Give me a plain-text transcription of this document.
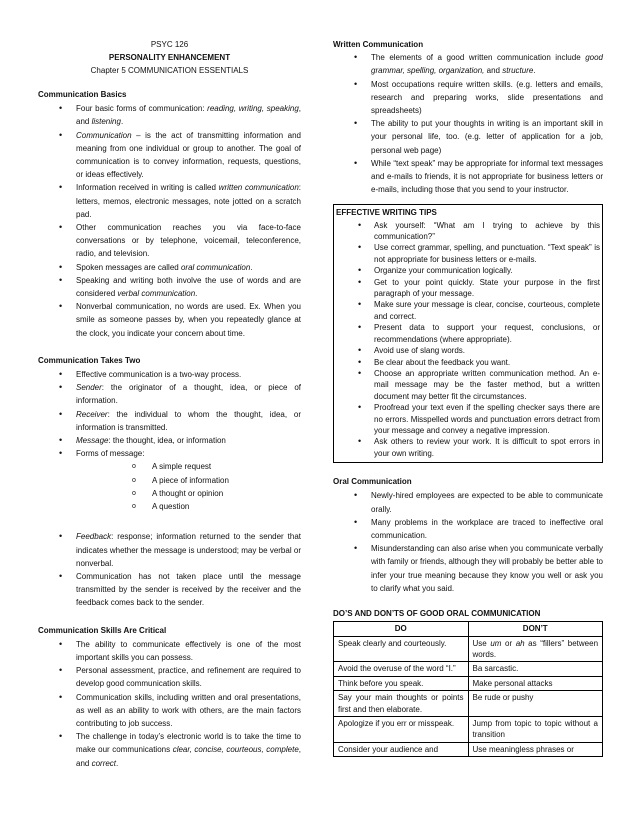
PSYC 126
PERSONALITY ENHANCEMENT
Chapter 5 COMMUNICATION ESSENTIALS
Communication Basics
• Four basic forms of communication: reading, writing, speaking, and listening.
• Communication – is the act of transmitting information and meaning from one individual or group to another. The goal of communication is to convey information, requests, questions, or ideas effectively.
• Information received in writing is called written communication: letters, memos, electronic messages, note jotted on a scratch pad.
• Other communication reaches you via face-to-face conversations or by telephone, voicemail, teleconference, radio, and television.
• Spoken messages are called oral communication.
• Speaking and writing both involve the use of words and are considered verbal communication.
• Nonverbal communication, no words are used. Ex. When you smile as someone passes by, when you repeatedly glance at the clock, you indicate your concern about time.
Communication Takes Two
• Effective communication is a two-way process.
• Sender: the originator of a thought, idea, or piece of information.
• Receiver: the individual to whom the thought, idea, or information is transmitted.
• Message: the thought, idea, or information
• Forms of message:
o A simple request
o A piece of information
o A thought or opinion
o A question
• Feedback: response; information returned to the sender that indicates whether the message is understood; may be verbal or nonverbal.
• Communication has not taken place until the message transmitted by the sender is received by the receiver and the feedback comes back to the sender.
Communication Skills Are Critical
• The ability to communicate effectively is one of the most important skills you can possess.
• Personal assessment, practice, and refinement are required to develop good communication skills.
• Communication skills, including written and oral presentations, as well as an ability to work with others, are the main factors contributing to job success.
• The challenge in today’s electronic world is to take the time to make our communications clear, concise, courteous, complete, and correct.
Written Communication
• The elements of a good written communication include good grammar, spelling, organization, and structure.
• Most occupations require written skills. (e.g. letters and emails, research and preparing works, slide presentations and spreadsheets)
• The ability to put your thoughts in writing is an important skill in your personal life, too. (e.g. letter of application for a job, personal web page)
• While “text speak” may be appropriate for informal text messages and e-mails to friends, it is not appropriate for business letters or e-mails, including those that you send to your instructor.
EFFECTIVE WRITING TIPS
• Ask yourself: “What am I trying to achieve by this communication?”
• Use correct grammar, spelling, and punctuation. “Text speak” is not appropriate for business letters or e-mails.
• Organize your communication logically.
• Get to your point quickly. State your purpose in the first paragraph of your message.
• Make sure your message is clear, concise, courteous, complete and correct.
• Present data to support your request, conclusions, or recommendations (where appropriate).
• Avoid use of slang words.
• Be clear about the feedback you want.
• Choose an appropriate written communication method. An e-mail message may be the faster method, but a written document may better fit the circumstances.
• Proofread your text even if the spelling checker says there are no errors. Misspelled words and punctuation errors detract from your message and convey a negative impression.
• Ask others to review your work. It is difficult to spot errors in your own writing.
Oral Communication
• Newly-hired employees are expected to be able to communicate orally.
• Many problems in the workplace are traced to ineffective oral communication.
• Misunderstanding can also arise when you communicate verbally with family or friends, although they will probably be better able to infer your true meaning because they know you well or ask you to clarify what you said.
DO’S AND DON’TS OF GOOD ORAL COMMUNICATION
DO	DON’T
Speak clearly and courteously.	Use um or ah as “fillers” between words.
Avoid the overuse of the word “I.”	Ba sarcastic.
Think before you speak.	Make personal attacks
Say your main thoughts or points first and then elaborate.	Be rude or pushy
Apologize if you err or misspeak.	Jump from topic to topic without a transition
Consider your audience and	Use meaningless phrases or
